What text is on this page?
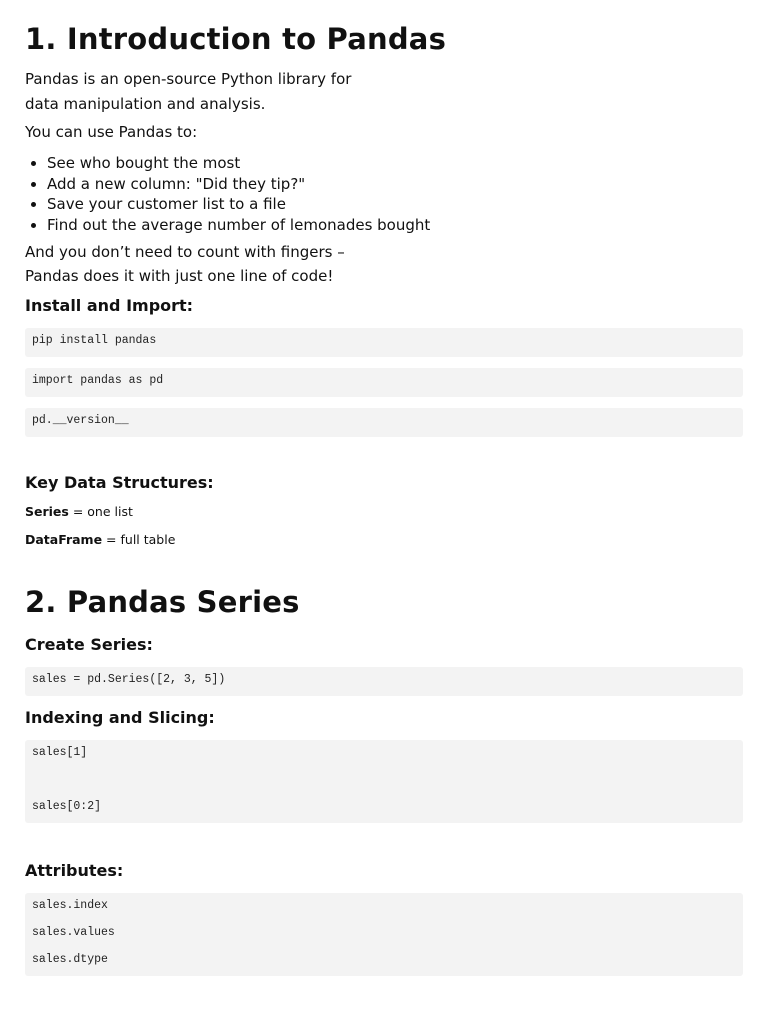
1. Introduction to Pandas

Pandas is an open-source Python library for

data manipulation and analysis.

You can use Pandas to:

• See who bought the most
• Add a new column: "Did they tip?"
• Save your customer list to a file
• Find out the average number of lemonades bought

And you don’t need to count with fingers –

Pandas does it with just one line of code!

Install and Import:
pip install pandas
import pandas as pd
pd.__version__
Key Data Structures:

Series = one list

DataFrame = full table

2. Pandas Series
Create Series:
sales = pd.Series([2, 3, 5])
Indexing and Slicing:
sales[1]
sales[0:2]
Attributes:
sales.index
sales.values
sales.dtype
